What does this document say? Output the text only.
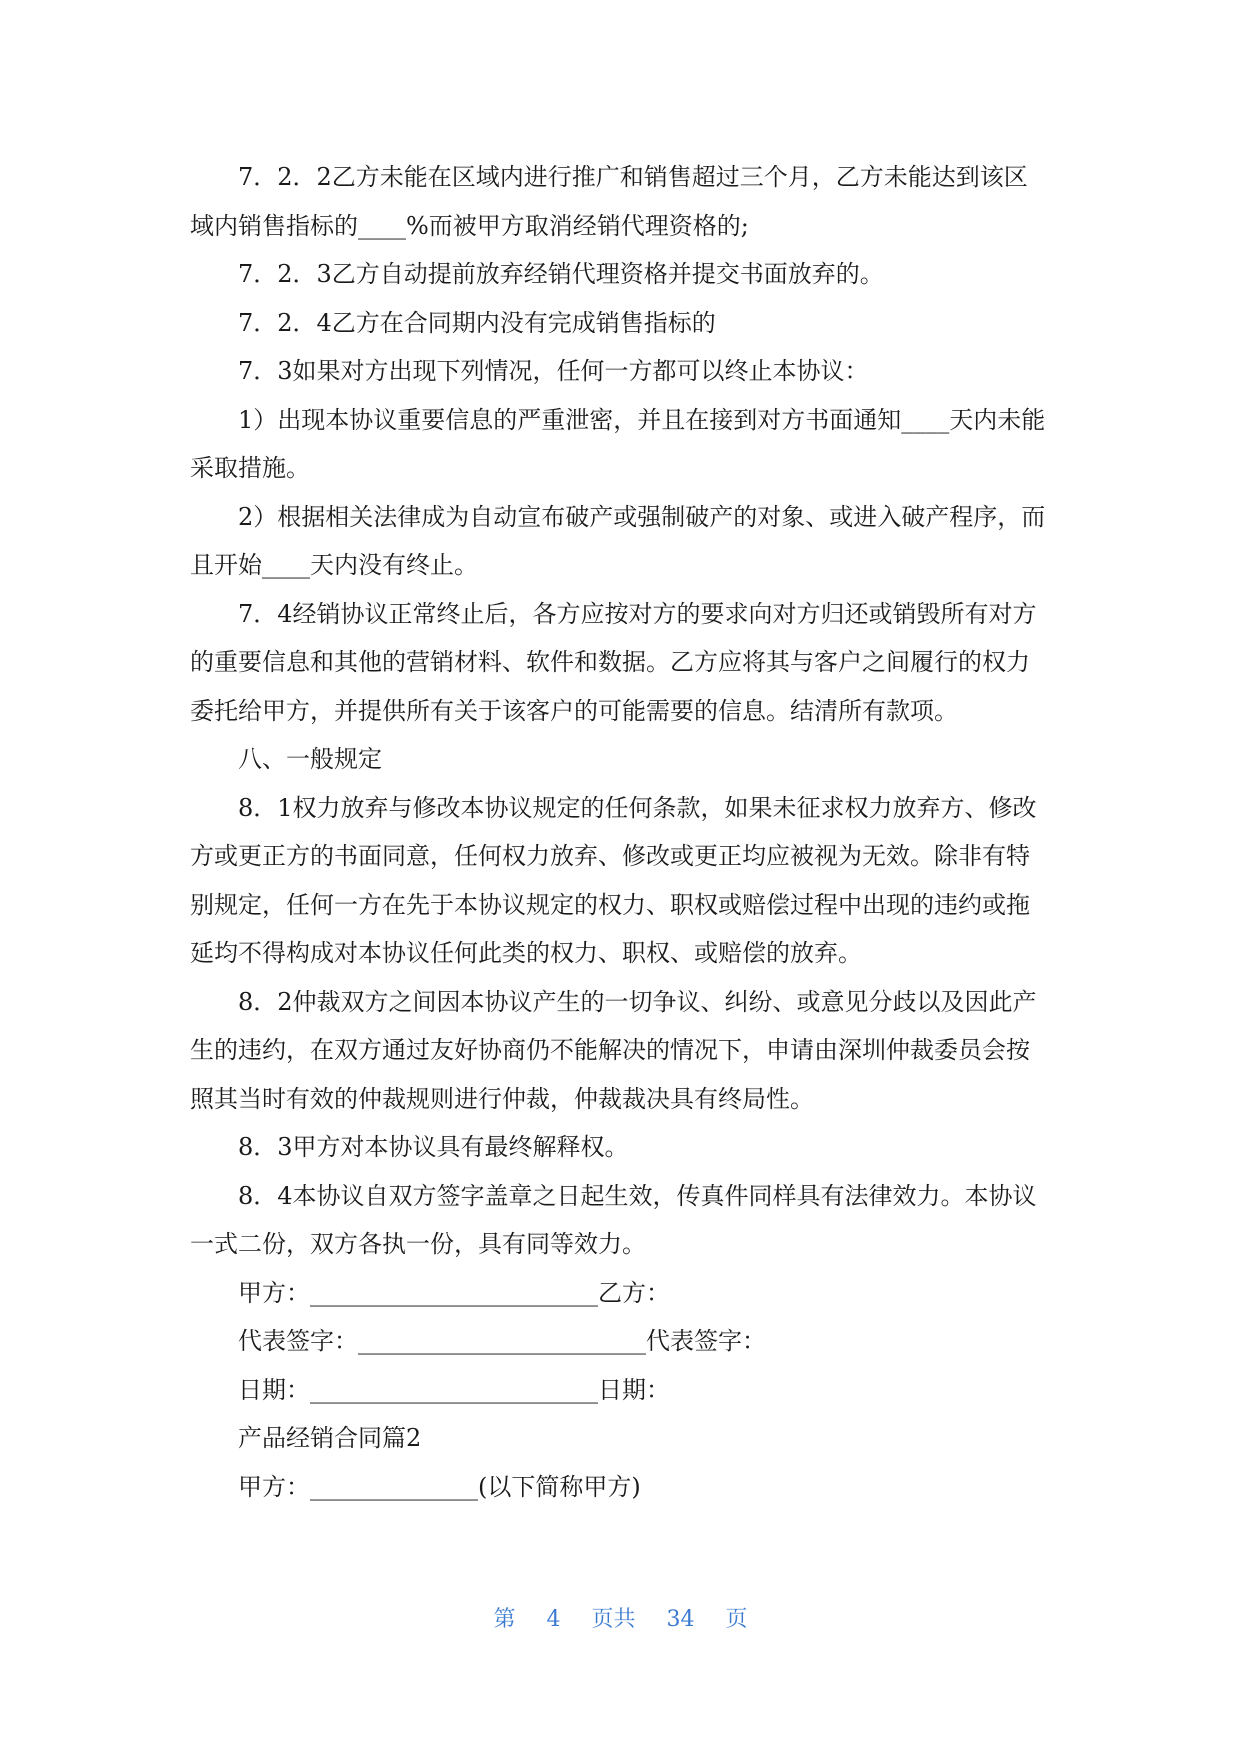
7．2．2乙方未能在区域内进行推广和销售超过三个月，乙方未能达到该区域内销售指标的____%而被甲方取消经销代理资格的;

7．2．3乙方自动提前放弃经销代理资格并提交书面放弃的。

7．2．4乙方在合同期内没有完成销售指标的

7．3如果对方出现下列情况，任何一方都可以终止本协议：

1）出现本协议重要信息的严重泄密，并且在接到对方书面通知____天内未能采取措施。

2）根据相关法律成为自动宣布破产或强制破产的对象、或进入破产程序，而且开始____天内没有终止。

7．4经销协议正常终止后，各方应按对方的要求向对方归还或销毁所有对方的重要信息和其他的营销材料、软件和数据。乙方应将其与客户之间履行的权力委托给甲方，并提供所有关于该客户的可能需要的信息。结清所有款项。

八、一般规定

8．1权力放弃与修改本协议规定的任何条款，如果未征求权力放弃方、修改方或更正方的书面同意，任何权力放弃、修改或更正均应被视为无效。除非有特别规定，任何一方在先于本协议规定的权力、职权或赔偿过程中出现的违约或拖延均不得构成对本协议任何此类的权力、职权、或赔偿的放弃。

8．2仲裁双方之间因本协议产生的一切争议、纠纷、或意见分歧以及因此产生的违约，在双方通过友好协商仍不能解决的情况下，申请由深圳仲裁委员会按照其当时有效的仲裁规则进行仲裁，仲裁裁决具有终局性。

8．3甲方对本协议具有最终解释权。

8．4本协议自双方签字盖章之日起生效，传真件同样具有法律效力。本协议一式二份，双方各执一份，具有同等效力。

甲方：________________________乙方：

代表签字：________________________代表签字：

日期：________________________日期：

产品经销合同篇2

甲方：______________(以下简称甲方)

第 4 页共 34 页
